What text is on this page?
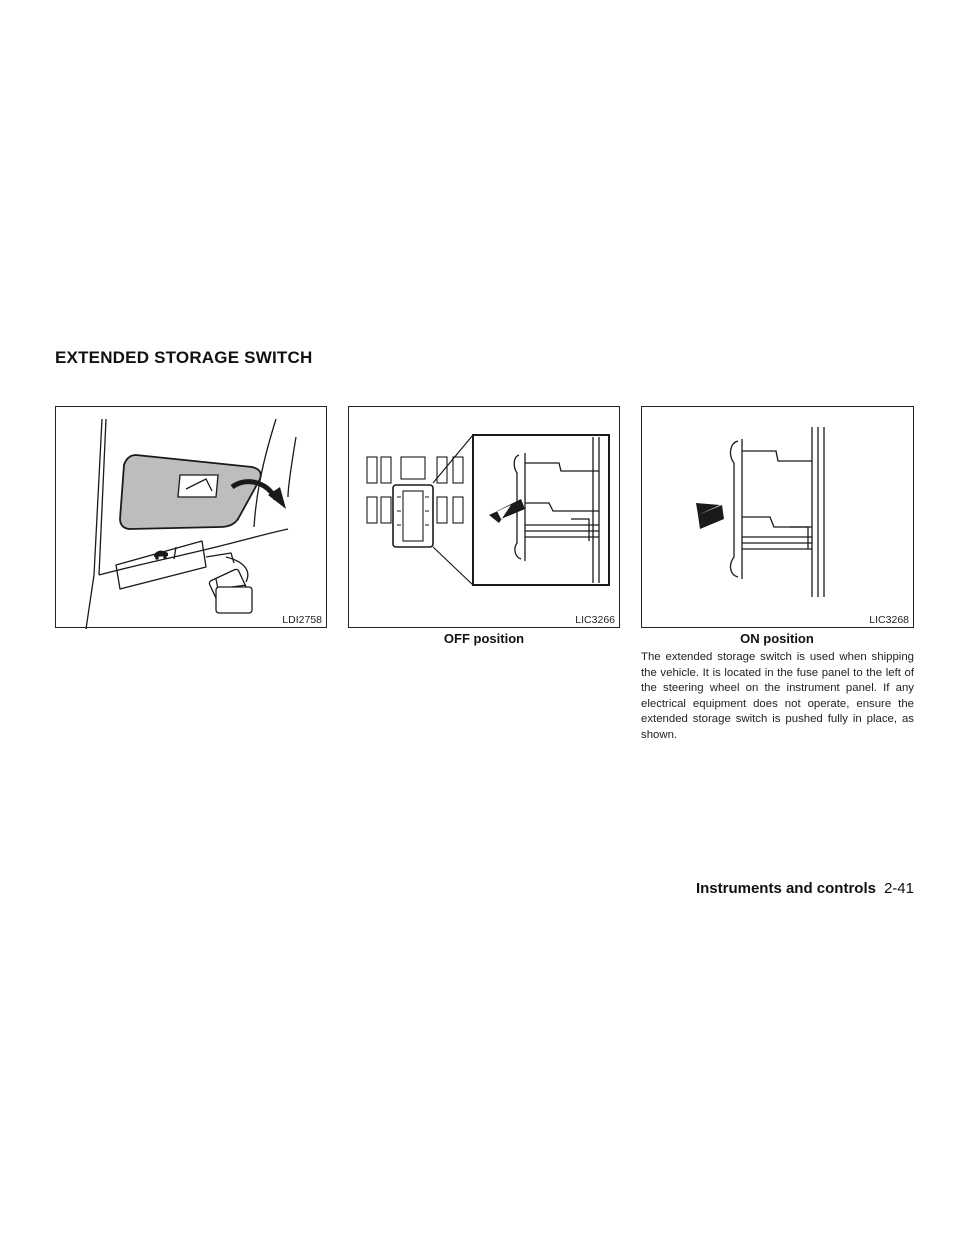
EXTENDED STORAGE SWITCH
LDI2758	LIC3266	LIC3268
OFF position	ON position

The extended storage switch is used when shipping the vehicle. It is located in the fuse panel to the left of the steering wheel on the instrument panel. If any electrical equipment does not operate, ensure the extended storage switch is pushed fully in place, as shown.

Instruments and controls 2-41
